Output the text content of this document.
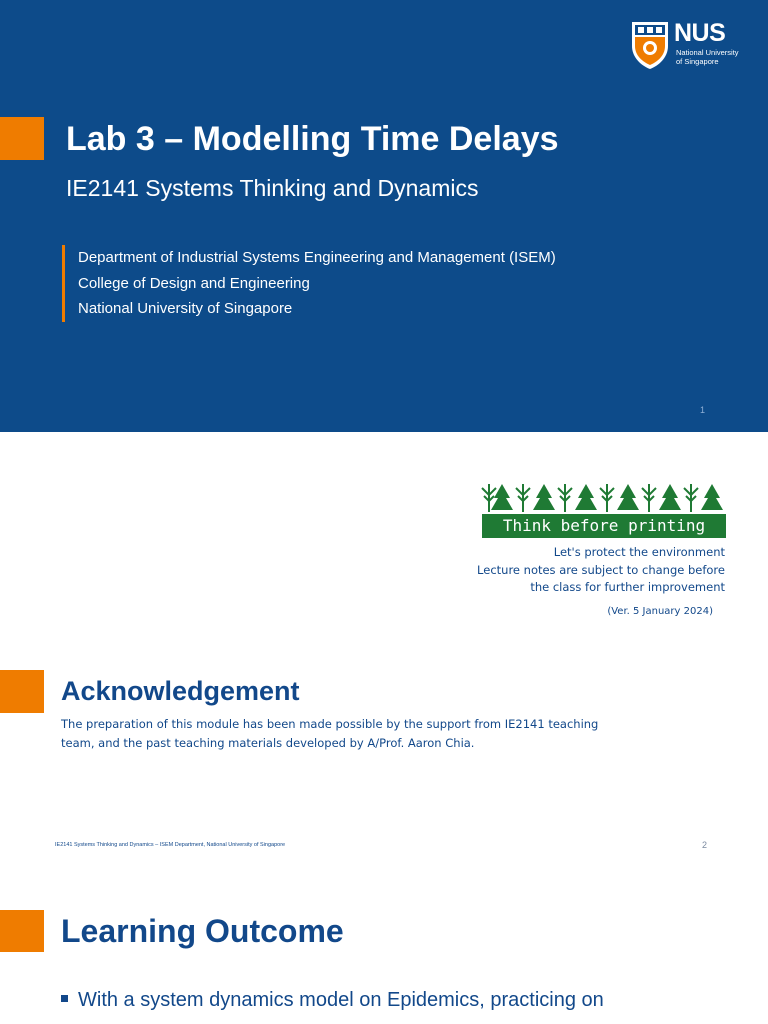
NUS
National University
of Singapore
Lab 3 – Modelling Time Delays
IE2141 Systems Thinking and Dynamics
Department of Industrial Systems Engineering and Management (ISEM)
College of Design and Engineering
National University of Singapore
1
Think before printing
Let's protect the environment
Lecture notes are subject to change before
the class for further improvement
(Ver. 5 January 2024)
Acknowledgement

The preparation of this module has been made possible by the support from IE2141 teaching team, and the past teaching materials developed by A/Prof. Aaron Chia.

IE2141 Systems Thinking and Dynamics – ISEM Department, National University of Singapore	2
Learning Outcome
With a system dynamics model on Epidemics, practicing on
